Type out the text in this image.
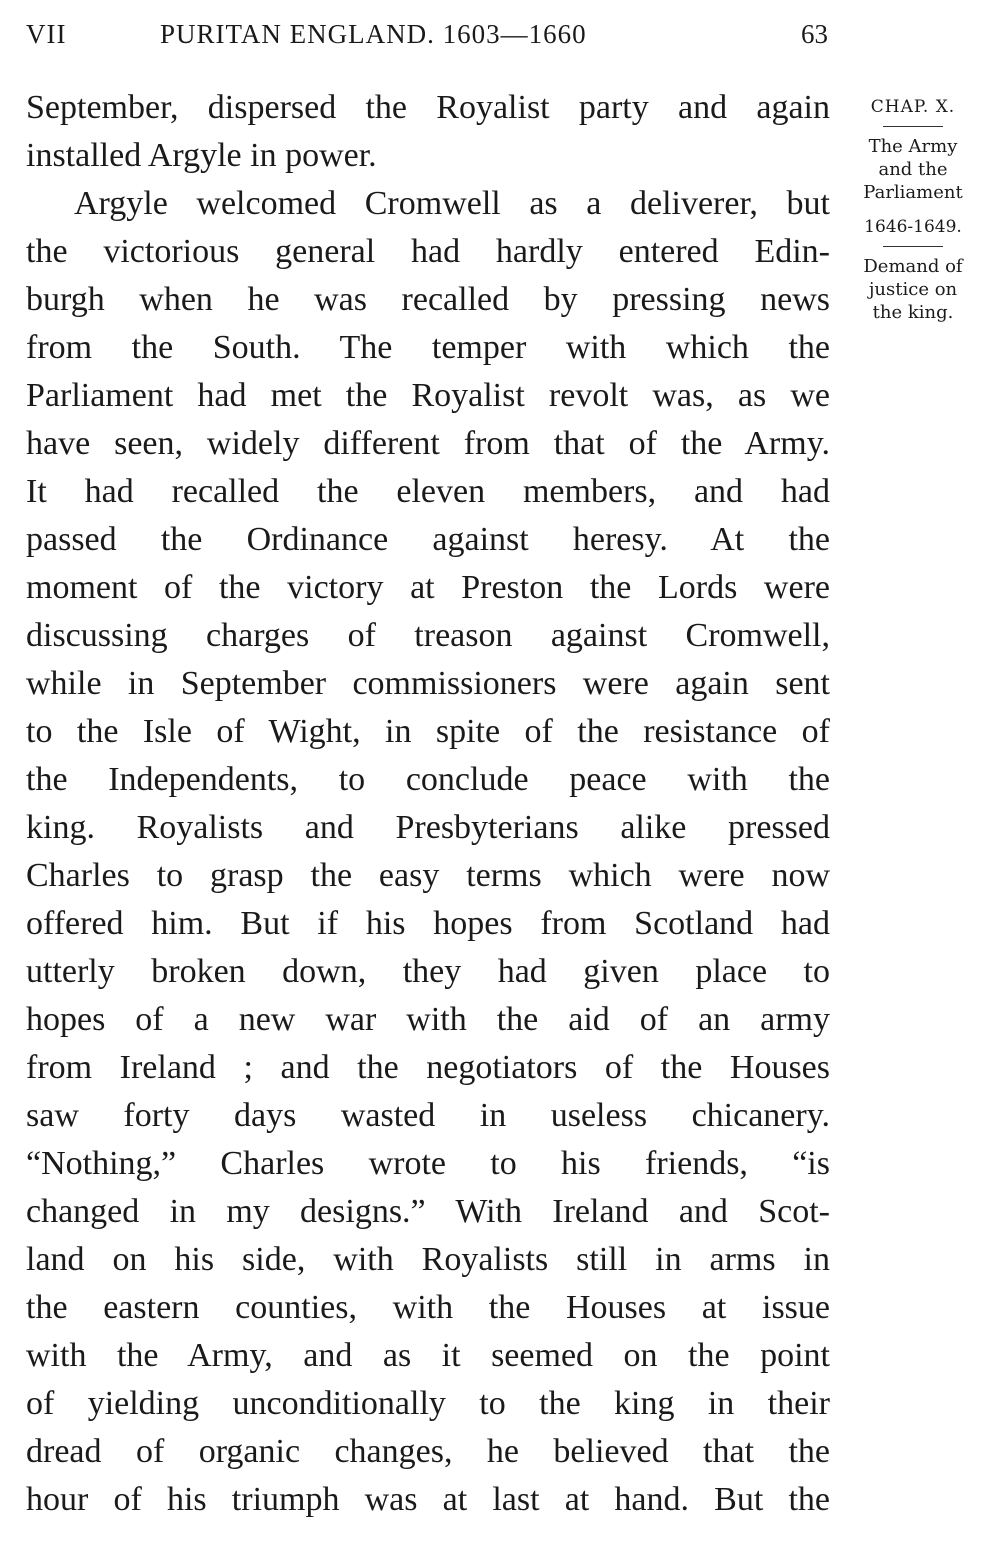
VII	PURITAN ENGLAND. 1603—1660	63
September, dispersed the Royalist party and again
installed Argyle in power.
Argyle welcomed Cromwell as a deliverer, but
the victorious general had hardly entered Edin-
burgh when he was recalled by pressing news
from the South. The temper with which the
Parliament had met the Royalist revolt was, as we
have seen, widely different from that of the Army.
It had recalled the eleven members, and had
passed the Ordinance against heresy. At the
moment of the victory at Preston the Lords were
discussing charges of treason against Cromwell,
while in September commissioners were again sent
to the Isle of Wight, in spite of the resistance of
the Independents, to conclude peace with the
king. Royalists and Presbyterians alike pressed
Charles to grasp the easy terms which were now
offered him. But if his hopes from Scotland had
utterly broken down, they had given place to
hopes of a new war with the aid of an army
from Ireland ; and the negotiators of the Houses
saw forty days wasted in useless chicanery.
“Nothing,” Charles wrote to his friends, “is
changed in my designs.” With Ireland and Scot-
land on his side, with Royalists still in arms in
the eastern counties, with the Houses at issue
with the Army, and as it seemed on the point
of yielding unconditionally to the king in their
dread of organic changes, he believed that the
hour of his triumph was at last at hand. But the
CHAP. X.
The Army
and the
Parliament
1646-1649.
Demand of
justice on
the king.
